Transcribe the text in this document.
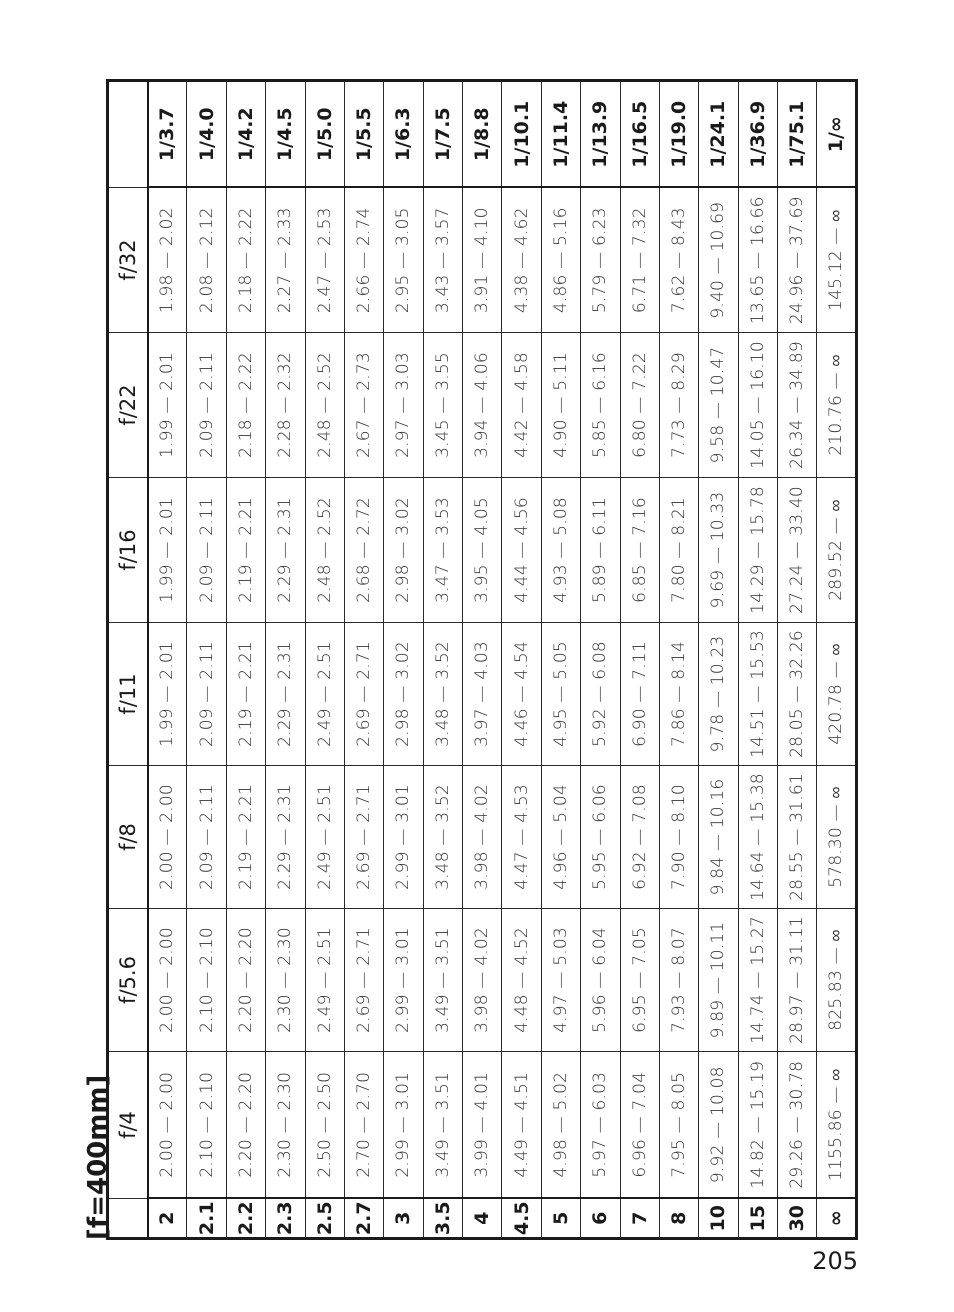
[f=400mm]
	f/4	f/5.6	f/8	f/11	f/16	f/22	f/32	
2	2.00 — 2.00	2.00 — 2.00	2.00 — 2.00	1.99 — 2.01	1.99 — 2.01	1.99 — 2.01	1.98 — 2.02	1/3.7
2.1	2.10 — 2.10	2.10 — 2.10	2.09 — 2.11	2.09 — 2.11	2.09 — 2.11	2.09 — 2.11	2.08 — 2.12	1/4.0
2.2	2.20 — 2.20	2.20 — 2.20	2.19 — 2.21	2.19 — 2.21	2.19 — 2.21	2.18 — 2.22	2.18 — 2.22	1/4.2
2.3	2.30 — 2.30	2.30 — 2.30	2.29 — 2.31	2.29 — 2.31	2.29 — 2.31	2.28 — 2.32	2.27 — 2.33	1/4.5
2.5	2.50 — 2.50	2.49 — 2.51	2.49 — 2.51	2.49 — 2.51	2.48 — 2.52	2.48 — 2.52	2.47 — 2.53	1/5.0
2.7	2.70 — 2.70	2.69 — 2.71	2.69 — 2.71	2.69 — 2.71	2.68 — 2.72	2.67 — 2.73	2.66 — 2.74	1/5.5
3	2.99 — 3.01	2.99 — 3.01	2.99 — 3.01	2.98 — 3.02	2.98 — 3.02	2.97 — 3.03	2.95 — 3.05	1/6.3
3.5	3.49 — 3.51	3.49 — 3.51	3.48 — 3.52	3.48 — 3.52	3.47 — 3.53	3.45 — 3.55	3.43 — 3.57	1/7.5
4	3.99 — 4.01	3.98 — 4.02	3.98 — 4.02	3.97 — 4.03	3.95 — 4.05	3.94 — 4.06	3.91 — 4.10	1/8.8
4.5	4.49 — 4.51	4.48 — 4.52	4.47 — 4.53	4.46 — 4.54	4.44 — 4.56	4.42 — 4.58	4.38 — 4.62	1/10.1
5	4.98 — 5.02	4.97 — 5.03	4.96 — 5.04	4.95 — 5.05	4.93 — 5.08	4.90 — 5.11	4.86 — 5.16	1/11.4
6	5.97 — 6.03	5.96 — 6.04	5.95 — 6.06	5.92 — 6.08	5.89 — 6.11	5.85 — 6.16	5.79 — 6.23	1/13.9
7	6.96 — 7.04	6.95 — 7.05	6.92 — 7.08	6.90 — 7.11	6.85 — 7.16	6.80 — 7.22	6.71 — 7.32	1/16.5
8	7.95 — 8.05	7.93 — 8.07	7.90 — 8.10	7.86 — 8.14	7.80 — 8.21	7.73 — 8.29	7.62 — 8.43	1/19.0
10	9.92 — 10.08	9.89 — 10.11	9.84 — 10.16	9.78 — 10.23	9.69 — 10.33	9.58 — 10.47	9.40 — 10.69	1/24.1
15	14.82 — 15.19	14.74 — 15.27	14.64 — 15.38	14.51 — 15.53	14.29 — 15.78	14.05 — 16.10	13.65 — 16.66	1/36.9
30	29.26 — 30.78	28.97 — 31.11	28.55 — 31.61	28.05 — 32.26	27.24 — 33.40	26.34 — 34.89	24.96 — 37.69	1/75.1
∞	1155.86 — ∞	825.83 — ∞	578.30 — ∞	420.78 — ∞	289.52 — ∞	210.76 — ∞	145.12 — ∞	1/∞
205
